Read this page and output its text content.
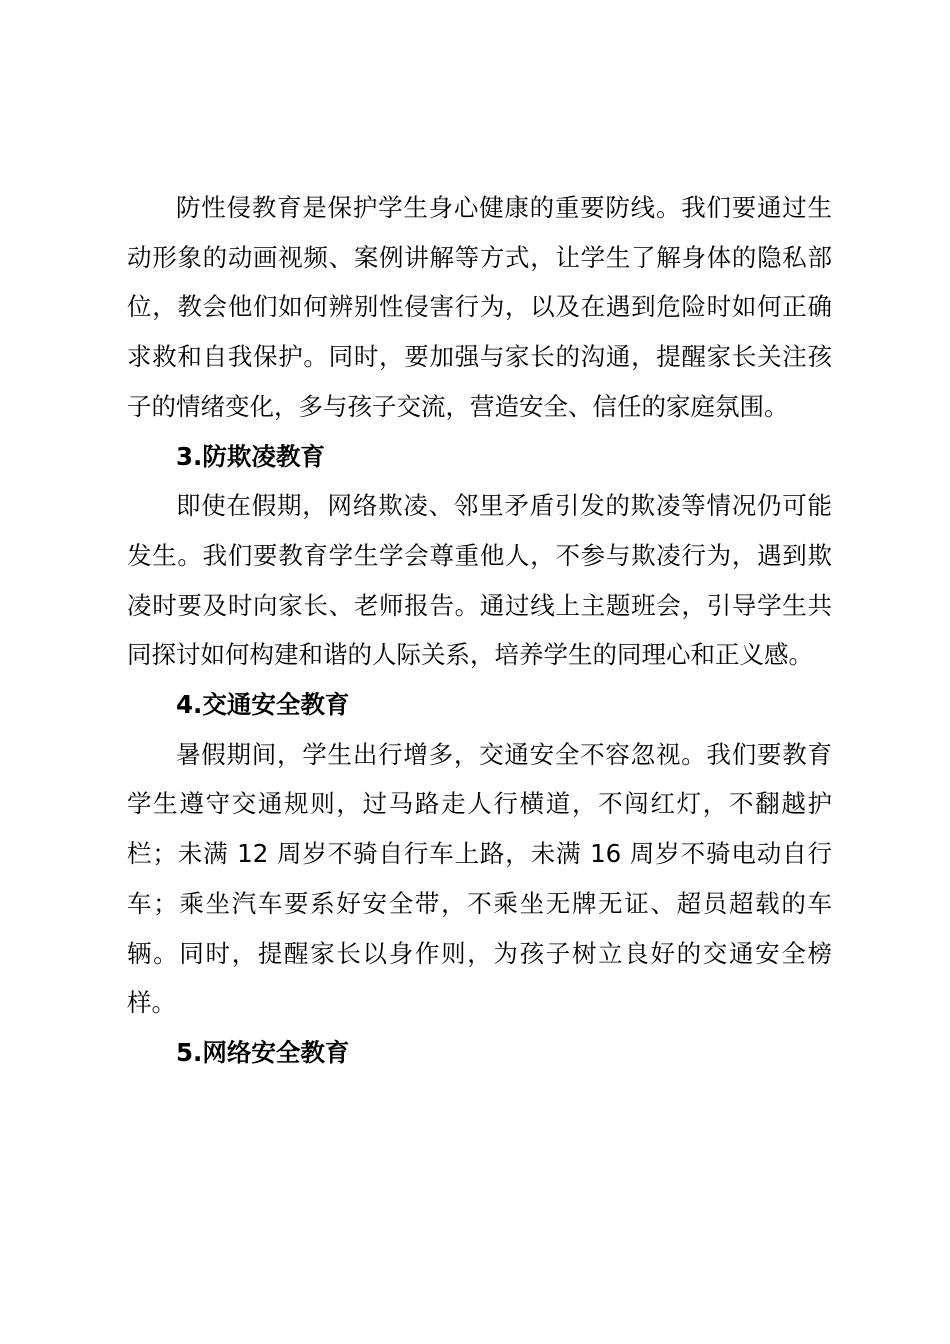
防性侵教育是保护学生身心健康的重要防线。我们要通过生动形象的动画视频、案例讲解等方式，让学生了解身体的隐私部位，教会他们如何辨别性侵害行为，以及在遇到危险时如何正确求救和自我保护。同时，要加强与家长的沟通，提醒家长关注孩子的情绪变化，多与孩子交流，营造安全、信任的家庭氛围。

3.防欺凌教育

即使在假期，网络欺凌、邻里矛盾引发的欺凌等情况仍可能发生。我们要教育学生学会尊重他人，不参与欺凌行为，遇到欺凌时要及时向家长、老师报告。通过线上主题班会，引导学生共同探讨如何构建和谐的人际关系，培养学生的同理心和正义感。

4.交通安全教育

暑假期间，学生出行增多，交通安全不容忽视。我们要教育学生遵守交通规则，过马路走人行横道，不闯红灯，不翻越护栏；未满 12 周岁不骑自行车上路，未满 16 周岁不骑电动自行车；乘坐汽车要系好安全带，不乘坐无牌无证、超员超载的车辆。同时，提醒家长以身作则，为孩子树立良好的交通安全榜样。

5.网络安全教育
